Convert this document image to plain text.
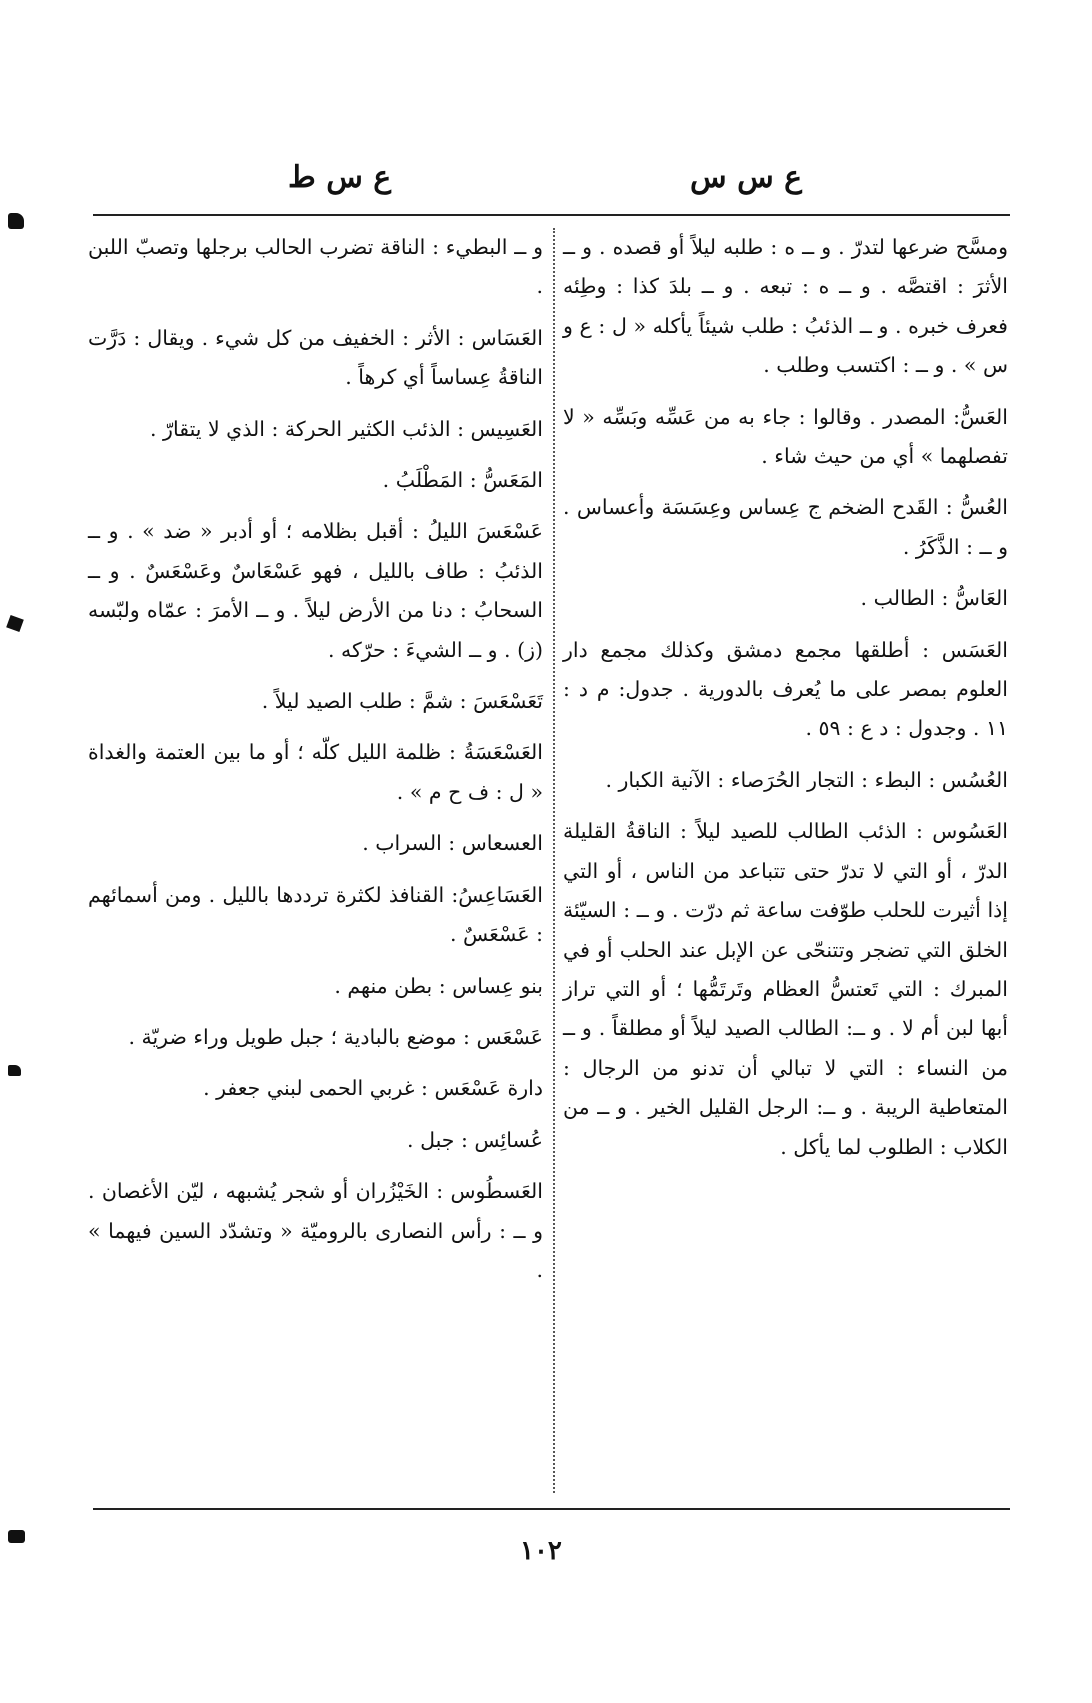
ع س س
ع س ط

ومسَّح ضرعها لتدرّ . و ــ ه : طلبه ليلاً أو قصده . و ــ الأثرَ : اقتصَّه . و ــ ه : تبعه . و ــ بلدَ كذا : وطِئه فعرف خبره . و ــ الذئبُ : طلب شيئاً يأكله « ل : ع و س » . و ــ : اكتسب وطلب .

العَسُّ: المصدر . وقالوا : جاء به من عَسِّه وبَسِّه « لا تفصلهما » أي من حيث شاء .

العُسُّ : القَدح الضخم ج عِساس وعِسَسَة وأعساس . و ــ : الذَّكَرُ .

العَاسُّ : الطالب .

العَسَس : أطلقها مجمع دمشق وكذلك مجمع دار العلوم بمصر على ما يُعرف بالدورية . جدول: م د : ١١ . وجدول : د ع : ٥٩ .

العُسُس : البطء : التجار الحُرَصاء : الآنية الكبار .

العَسُوس : الذئب الطالب للصيد ليلاً : الناقةُ القليلة الدرّ ، أو التي لا تدرّ حتى تتباعد من الناس ، أو التي إذا أثيرت للحلب طوّفت ساعة ثم درّت . و ــ : السيّئة الخلق التي تضجر وتتنحّى عن الإبل عند الحلب أو في المبرك : التي تَعتسُّ العظام وتَرتَمُّها ؛ أو التي تراز أبها لبن أم لا . و ــ: الطالب الصيد ليلاً أو مطلقاً . و ــ من النساء : التي لا تبالي أن تدنو من الرجال : المتعاطية الريبة . و ــ: الرجل القليل الخير . و ــ من الكلاب : الطلوب لما يأكل .

و ــ البطيء : الناقة تضرب الحالب برجلها وتصبّ اللبن .

العَسَاس : الأثر : الخفيف من كل شيء . ويقال : دَرَّت الناقةُ عِساساً أي كرهاً .

العَسِيس : الذئب الكثير الحركة : الذي لا يتقارّ .

المَعَسُّ : المَطْلَبُ .

عَسْعَسَ الليلُ : أقبل بظلامه ؛ أو أدبر « ضد » . و ــ الذئبُ : طاف بالليل ، فهو عَسْعَاسٌ وعَسْعَسٌ . و ــ السحابُ : دنا من الأرض ليلاً . و ــ الأمرَ : عمّاه ولبّسه (ز) . و ــ الشيءَ : حرّكه .

تَعَسْعَسَ : شمَّ : طلب الصيد ليلاً .

العَسْعَسَةُ : ظلمة الليل كلّه ؛ أو ما بين العتمة والغداة « ل : ف ح م » .

العسعاس : السراب .

العَسَاعِسُ: القنافذ لكثرة ترددها بالليل . ومن أسمائهم : عَسْعَسٌ .

بنو عِساس : بطن منهم .

عَسْعَس : موضع بالبادية ؛ جبل طويل وراء ضريّة .

دارة عَسْعَس : غربي الحمى لبني جعفر .

عُسائِس : جبل .

العَسطُوس : الخَيْزُران أو شجر يُشبهه ، ليّن الأغصان . و ــ : رأس النصارى بالروميّة « وتشدّد السين فيهما » .

١٠٢
